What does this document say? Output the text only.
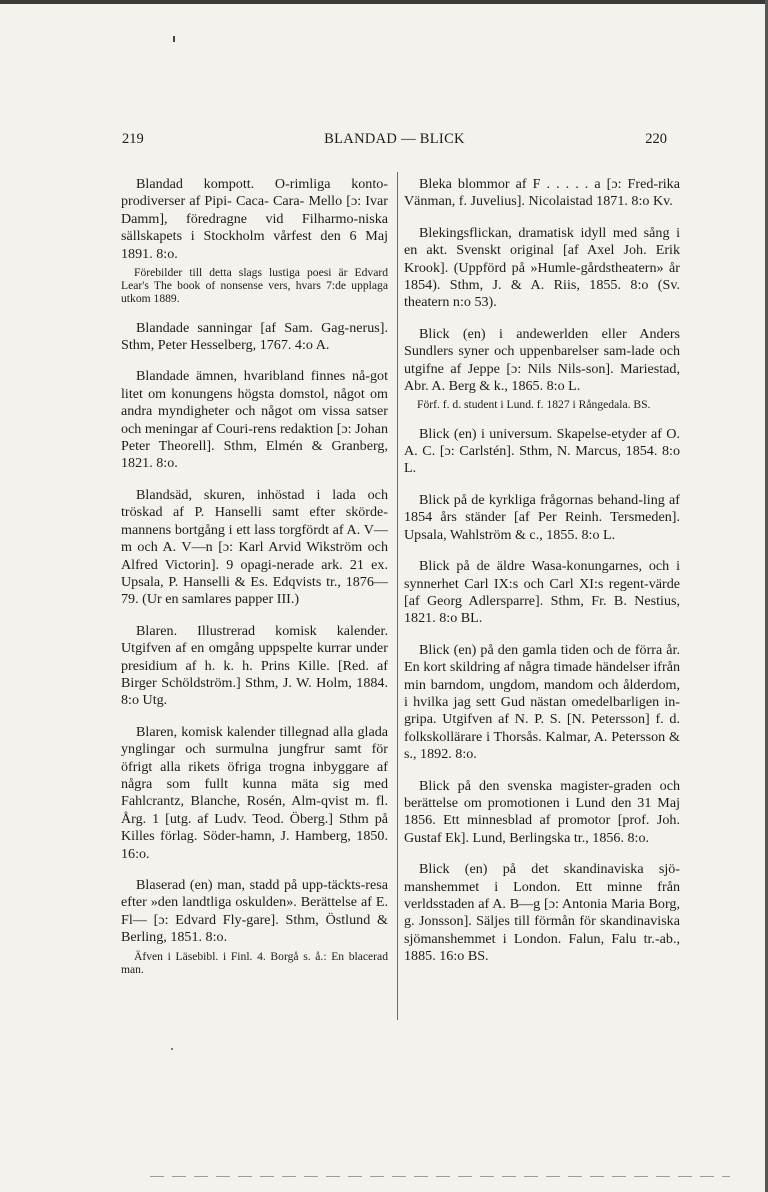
219	BLANDAD — BLICK	220

Blandad kompott. O-rimliga konto-prodiverser af Pipi- Caca- Cara- Mello [ɔ: Ivar Damm], föredragne vid Filharmo-niska sällskapets i Stockholm vårfest den 6 Maj 1891. 8:o.

Förebilder till detta slags lustiga poesi är Edvard Lear's The book of nonsense vers, hvars 7:de upplaga utkom 1889.

Blandade sanningar [af Sam. Gag-nerus]. Sthm, Peter Hesselberg, 1767. 4:o A.

Blandade ämnen, hvaribland finnes nå-got litet om konungens högsta domstol, något om andra myndigheter och något om vissa satser och meningar af Couri-rens redaktion [ɔ: Johan Peter Theorell]. Sthm, Elmén & Granberg, 1821. 8:o.

Blandsäd, skuren, inhöstad i lada och tröskad af P. Hanselli samt efter skörde-mannens bortgång i ett lass torgfördt af A. V—m och A. V—n [ɔ: Karl Arvid Wikström och Alfred Victorin]. 9 opagi-nerade ark. 21 ex. Upsala, P. Hanselli & Es. Edqvists tr., 1876—79. (Ur en samlares papper III.)

Blaren. Illustrerad komisk kalender. Utgifven af en omgång uppspelte kurrar under presidium af h. k. h. Prins Kille. [Red. af Birger Schöldström.] Sthm, J. W. Holm, 1884. 8:o Utg.

Blaren, komisk kalender tillegnad alla glada ynglingar och surmulna jungfrur samt för öfrigt alla rikets öfriga trogna inbyggare af några som fullt kunna mäta sig med Fahlcrantz, Blanche, Rosén, Alm-qvist m. fl. Årg. 1 [utg. af Ludv. Teod. Öberg.] Sthm på Killes förlag. Söder-hamn, J. Hamberg, 1850. 16:o.

Blaserad (en) man, stadd på upp-täckts-resa efter »den landtliga oskulden». Berättelse af E. Fl— [ɔ: Edvard Fly-gare]. Sthm, Östlund & Berling, 1851. 8:o.

Äfven i Läsebibl. i Finl. 4. Borgå s. å.: En blacerad man.

Bleka blommor af F . . . . . a [ɔ: Fred-rika Vänman, f. Juvelius]. Nicolaistad 1871. 8:o Kv.

Blekingsflickan, dramatisk idyll med sång i en akt. Svenskt original [af Axel Joh. Erik Krook]. (Uppförd på »Humle-gårdstheatern» år 1854). Sthm, J. & A. Riis, 1855. 8:o (Sv. theatern n:o 53).

Blick (en) i andewerlden eller Anders Sundlers syner och uppenbarelser sam-lade och utgifne af Jeppe [ɔ: Nils Nils-son]. Mariestad, Abr. A. Berg & k., 1865. 8:o L.

Förf. f. d. student i Lund. f. 1827 i Rångedala. BS.

Blick (en) i universum. Skapelse-etyder af O. A. C. [ɔ: Carlstén]. Sthm, N. Marcus, 1854. 8:o L.

Blick på de kyrkliga frågornas behand-ling af 1854 års ständer [af Per Reinh. Tersmeden]. Upsala, Wahlström & c., 1855. 8:o L.

Blick på de äldre Wasa-konungarnes, och i synnerhet Carl IX:s och Carl XI:s regent-värde [af Georg Adlersparre]. Sthm, Fr. B. Nestius, 1821. 8:o BL.

Blick (en) på den gamla tiden och de förra år. En kort skildring af några timade händelser ifrån min barndom, ungdom, mandom och ålderdom, i hvilka jag sett Gud nästan omedelbarligen in-gripa. Utgifven af N. P. S. [N. Petersson] f. d. folkskollärare i Thorsås. Kalmar, A. Petersson & s., 1892. 8:o.

Blick på den svenska magister-graden och berättelse om promotionen i Lund den 31 Maj 1856. Ett minnesblad af promotor [prof. Joh. Gustaf Ek]. Lund, Berlingska tr., 1856. 8:o.

Blick (en) på det skandinaviska sjö-manshemmet i London. Ett minne från verldsstaden af A. B—g [ɔ: Antonia Maria Borg, g. Jonsson]. Säljes till förmån för skandinaviska sjömanshemmet i London. Falun, Falu tr.-ab., 1885. 16:o BS.
